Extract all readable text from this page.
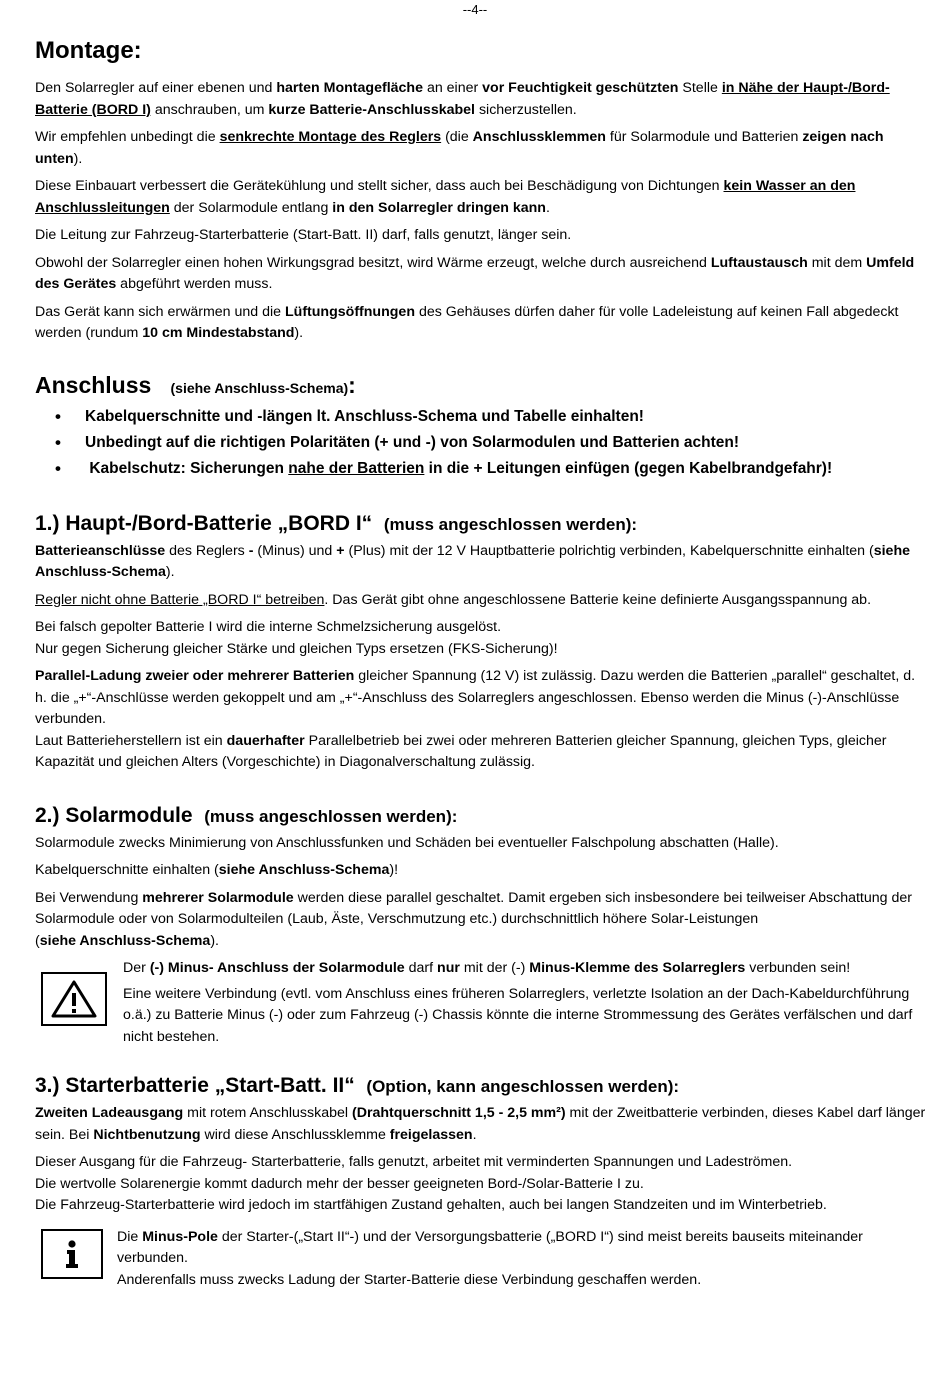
--4--
Montage:

Den Solarregler auf einer ebenen und harten Montagefläche an einer vor Feuchtigkeit geschützten Stelle in Nähe der Haupt-/Bord-Batterie (BORD I) anschrauben, um kurze Batterie-Anschlusskabel sicherzustellen.

Wir empfehlen unbedingt die senkrechte Montage des Reglers (die Anschlussklemmen für Solarmodule und Batterien zeigen nach unten).

Diese Einbauart verbessert die Gerätekühlung und stellt sicher, dass auch bei Beschädigung von Dichtungen kein Wasser an den Anschlussleitungen der Solarmodule entlang in den Solarregler dringen kann.

Die Leitung zur Fahrzeug-Starterbatterie (Start-Batt. II) darf, falls genutzt, länger sein.

Obwohl der Solarregler einen hohen Wirkungsgrad besitzt, wird Wärme erzeugt, welche durch ausreichend Luftaustausch mit dem Umfeld des Gerätes abgeführt werden muss.

Das Gerät kann sich erwärmen und die Lüftungsöffnungen des Gehäuses dürfen daher für volle Ladeleistung auf keinen Fall abgedeckt werden (rundum 10 cm Mindestabstand).

Anschluss (siehe Anschluss-Schema):
• Kabelquerschnitte und -längen lt. Anschluss-Schema und Tabelle einhalten!
• Unbedingt auf die richtigen Polaritäten (+ und -) von Solarmodulen und Batterien achten!
• Kabelschutz: Sicherungen nahe der Batterien in die + Leitungen einfügen (gegen Kabelbrandgefahr)!
1.) Haupt-/Bord-Batterie „BORD I“ (muss angeschlossen werden):

Batterieanschlüsse des Reglers - (Minus) und + (Plus) mit der 12 V Hauptbatterie polrichtig verbinden, Kabelquerschnitte einhalten (siehe Anschluss-Schema).

Regler nicht ohne Batterie „BORD I“ betreiben. Das Gerät gibt ohne angeschlossene Batterie keine definierte Ausgangsspannung ab.

Bei falsch gepolter Batterie I wird die interne Schmelzsicherung ausgelöst.

Nur gegen Sicherung gleicher Stärke und gleichen Typs ersetzen (FKS-Sicherung)!

Parallel-Ladung zweier oder mehrerer Batterien gleicher Spannung (12 V) ist zulässig. Dazu werden die Batterien „parallel“ geschaltet, d. h. die „+“-Anschlüsse werden gekoppelt und am „+“-Anschluss des Solarreglers angeschlossen. Ebenso werden die Minus (-)-Anschlüsse verbunden.

Laut Batterieherstellern ist ein dauerhafter Parallelbetrieb bei zwei oder mehreren Batterien gleicher Spannung, gleichen Typs, gleicher Kapazität und gleichen Alters (Vorgeschichte) in Diagonalverschaltung zulässig.

2.) Solarmodule (muss angeschlossen werden):

Solarmodule zwecks Minimierung von Anschlussfunken und Schäden bei eventueller Falschpolung abschatten (Halle).

Kabelquerschnitte einhalten (siehe Anschluss-Schema)!

Bei Verwendung mehrerer Solarmodule werden diese parallel geschaltet. Damit ergeben sich insbesondere bei teilweiser Abschattung der Solarmodule oder von Solarmodulteilen (Laub, Äste, Verschmutzung etc.) durchschnittlich höhere Solar-Leistungen

(siehe Anschluss-Schema).

Der (-) Minus- Anschluss der Solarmodule darf nur mit der (-) Minus-Klemme des Solarreglers verbunden sein!

Eine weitere Verbindung (evtl. vom Anschluss eines früheren Solarreglers, verletzte Isolation an der Dach-Kabeldurchführung o.ä.) zu Batterie Minus (-) oder zum Fahrzeug (-) Chassis könnte die interne Strommessung des Gerätes verfälschen und darf nicht bestehen.

3.) Starterbatterie „Start-Batt. II“ (Option, kann angeschlossen werden):

Zweiten Ladeausgang mit rotem Anschlusskabel (Drahtquerschnitt 1,5 - 2,5 mm²) mit der Zweitbatterie verbinden, dieses Kabel darf länger sein. Bei Nichtbenutzung wird diese Anschlussklemme freigelassen.

Dieser Ausgang für die Fahrzeug- Starterbatterie, falls genutzt, arbeitet mit verminderten Spannungen und Ladeströmen.

Die wertvolle Solarenergie kommt dadurch mehr der besser geeigneten Bord-/Solar-Batterie I zu.

Die Fahrzeug-Starterbatterie wird jedoch im startfähigen Zustand gehalten, auch bei langen Standzeiten und im Winterbetrieb.

Die Minus-Pole der Starter-(„Start II“-) und der Versorgungsbatterie („BORD I“) sind meist bereits bauseits miteinander verbunden.

Anderenfalls muss zwecks Ladung der Starter-Batterie diese Verbindung geschaffen werden.
